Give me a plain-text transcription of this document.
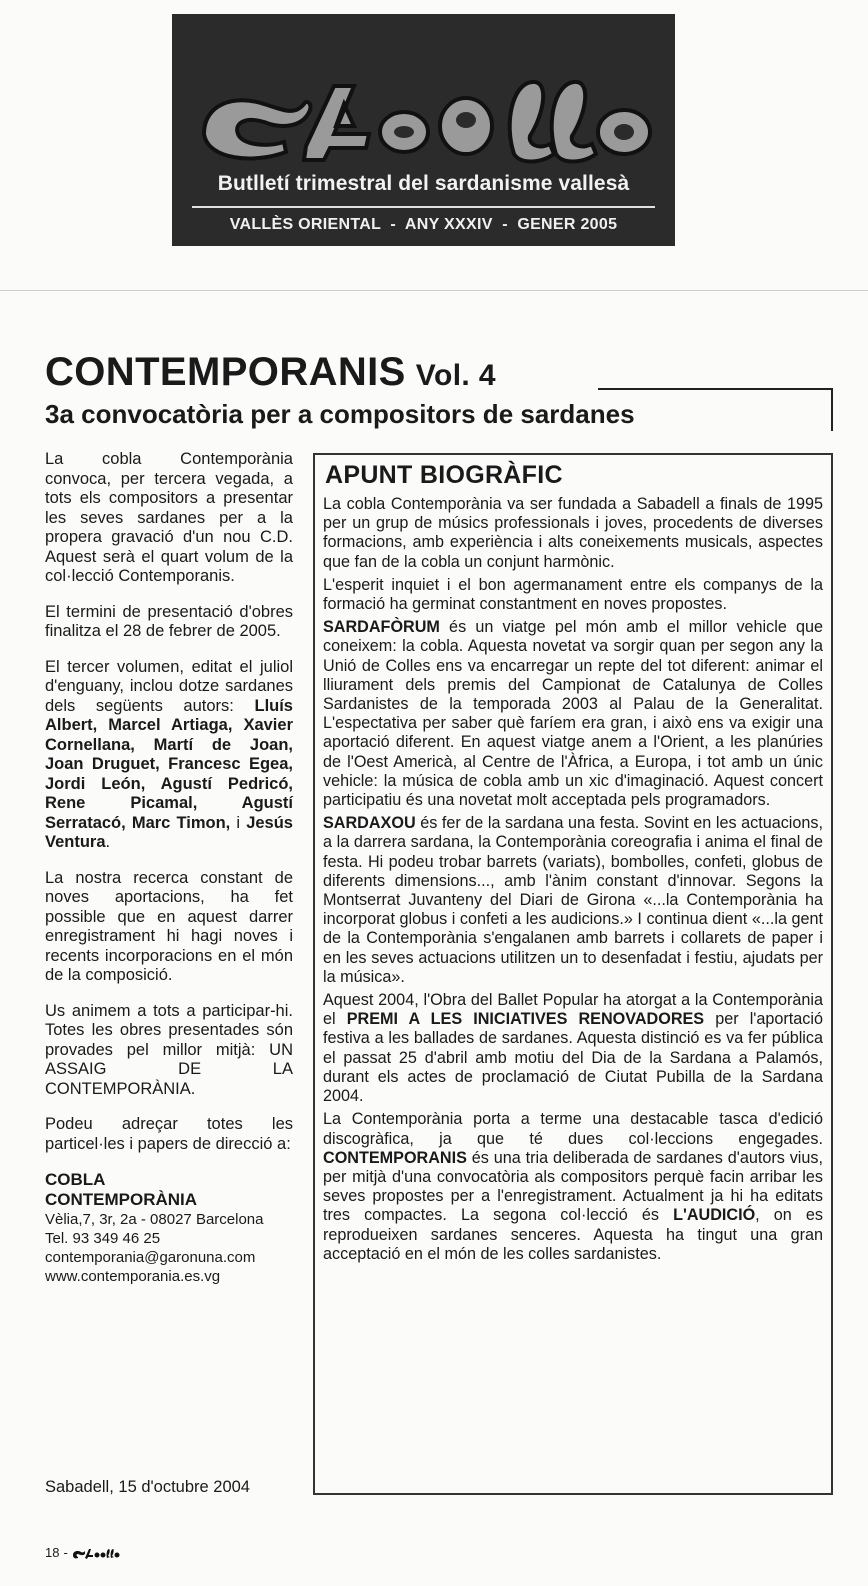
Butlletí trimestral del sardanisme vallesà
VALLÈS ORIENTAL - ANY XXXIV - GENER 2005
CONTEMPORANIS Vol. 4
3a convocatòria per a compositors de sardanes

La cobla Contemporània convoca, per tercera vegada, a tots els compositors a presentar les seves sardanes per a la propera gravació d'un nou C.D. Aquest serà el quart volum de la col·lecció Contemporanis.

El termini de presentació d'obres finalitza el 28 de febrer de 2005.

El tercer volumen, editat el juliol d'enguany, inclou dotze sardanes dels següents autors: Lluís Albert, Marcel Artiaga, Xavier Cornellana, Martí de Joan, Joan Druguet, Francesc Egea, Jordi León, Agustí Pedricó, Rene Picamal, Agustí Serratacó, Marc Timon, i Jesús Ventura.

La nostra recerca constant de noves aportacions, ha fet possible que en aquest darrer enregistrament hi hagi noves i recents incorporacions en el món de la composició.

Us animem a tots a participar-hi. Totes les obres presentades són provades pel millor mitjà: UN ASSAIG DE LA CONTEMPORÀNIA.

Podeu adreçar totes les particel·les i papers de direcció a:

COBLA
CONTEMPORÀNIA
Vèlia,7, 3r, 2a - 08027 Barcelona
Tel. 93 349 46 25
contemporania@garonuna.com
www.contemporania.es.vg
Sabadell, 15 d'octubre 2004
APUNT BIOGRÀFIC

La cobla Contemporània va ser fundada a Sabadell a finals de 1995 per un grup de músics professionals i joves, procedents de diverses formacions, amb experiència i alts coneixements musicals, aspectes que fan de la cobla un conjunt harmònic.

L'esperit inquiet i el bon agermanament entre els companys de la formació ha germinat constantment en noves propostes.

SARDAFÒRUM és un viatge pel món amb el millor vehicle que coneixem: la cobla. Aquesta novetat va sorgir quan per segon any la Unió de Colles ens va encarregar un repte del tot diferent: animar el lliurament dels premis del Campionat de Catalunya de Colles Sardanistes de la temporada 2003 al Palau de la Generalitat. L'espectativa per saber què faríem era gran, i això ens va exigir una aportació diferent. En aquest viatge anem a l'Orient, a les planúries de l'Oest Americà, al Centre de l'Àfrica, a Europa, i tot amb un únic vehicle: la música de cobla amb un xic d'imaginació. Aquest concert participatiu és una novetat molt acceptada pels programadors.

SARDAXOU és fer de la sardana una festa. Sovint en les actuacions, a la darrera sardana, la Contemporània coreografia i anima el final de festa. Hi podeu trobar barrets (variats), bombolles, confeti, globus de diferents dimensions..., amb l'ànim constant d'innovar. Segons la Montserrat Juvanteny del Diari de Girona «...la Contemporània ha incorporat globus i confeti a les audicions.» I continua dient «...la gent de la Contemporània s'engalanen amb barrets i collarets de paper i en les seves actuacions utilitzen un to desenfadat i festiu, ajudats per la música».

Aquest 2004, l'Obra del Ballet Popular ha atorgat a la Contemporània el PREMI A LES INICIATIVES RENOVADORES per l'aportació festiva a les ballades de sardanes. Aquesta distinció es va fer pública el passat 25 d'abril amb motiu del Dia de la Sardana a Palamós, durant els actes de proclamació de Ciutat Pubilla de la Sardana 2004.

La Contemporània porta a terme una destacable tasca d'edició discogràfica, ja que té dues col·leccions engegades. CONTEMPORANIS és una tria deliberada de sardanes d'autors vius, per mitjà d'una convocatòria als compositors perquè facin arribar les seves propostes per a l'enregistrament. Actualment ja hi ha editats tres compactes. La segona col·lecció és L'AUDICIÓ, on es reprodueixen sardanes senceres. Aquesta ha tingut una gran acceptació en el món de les colles sardanistes.

18 -
